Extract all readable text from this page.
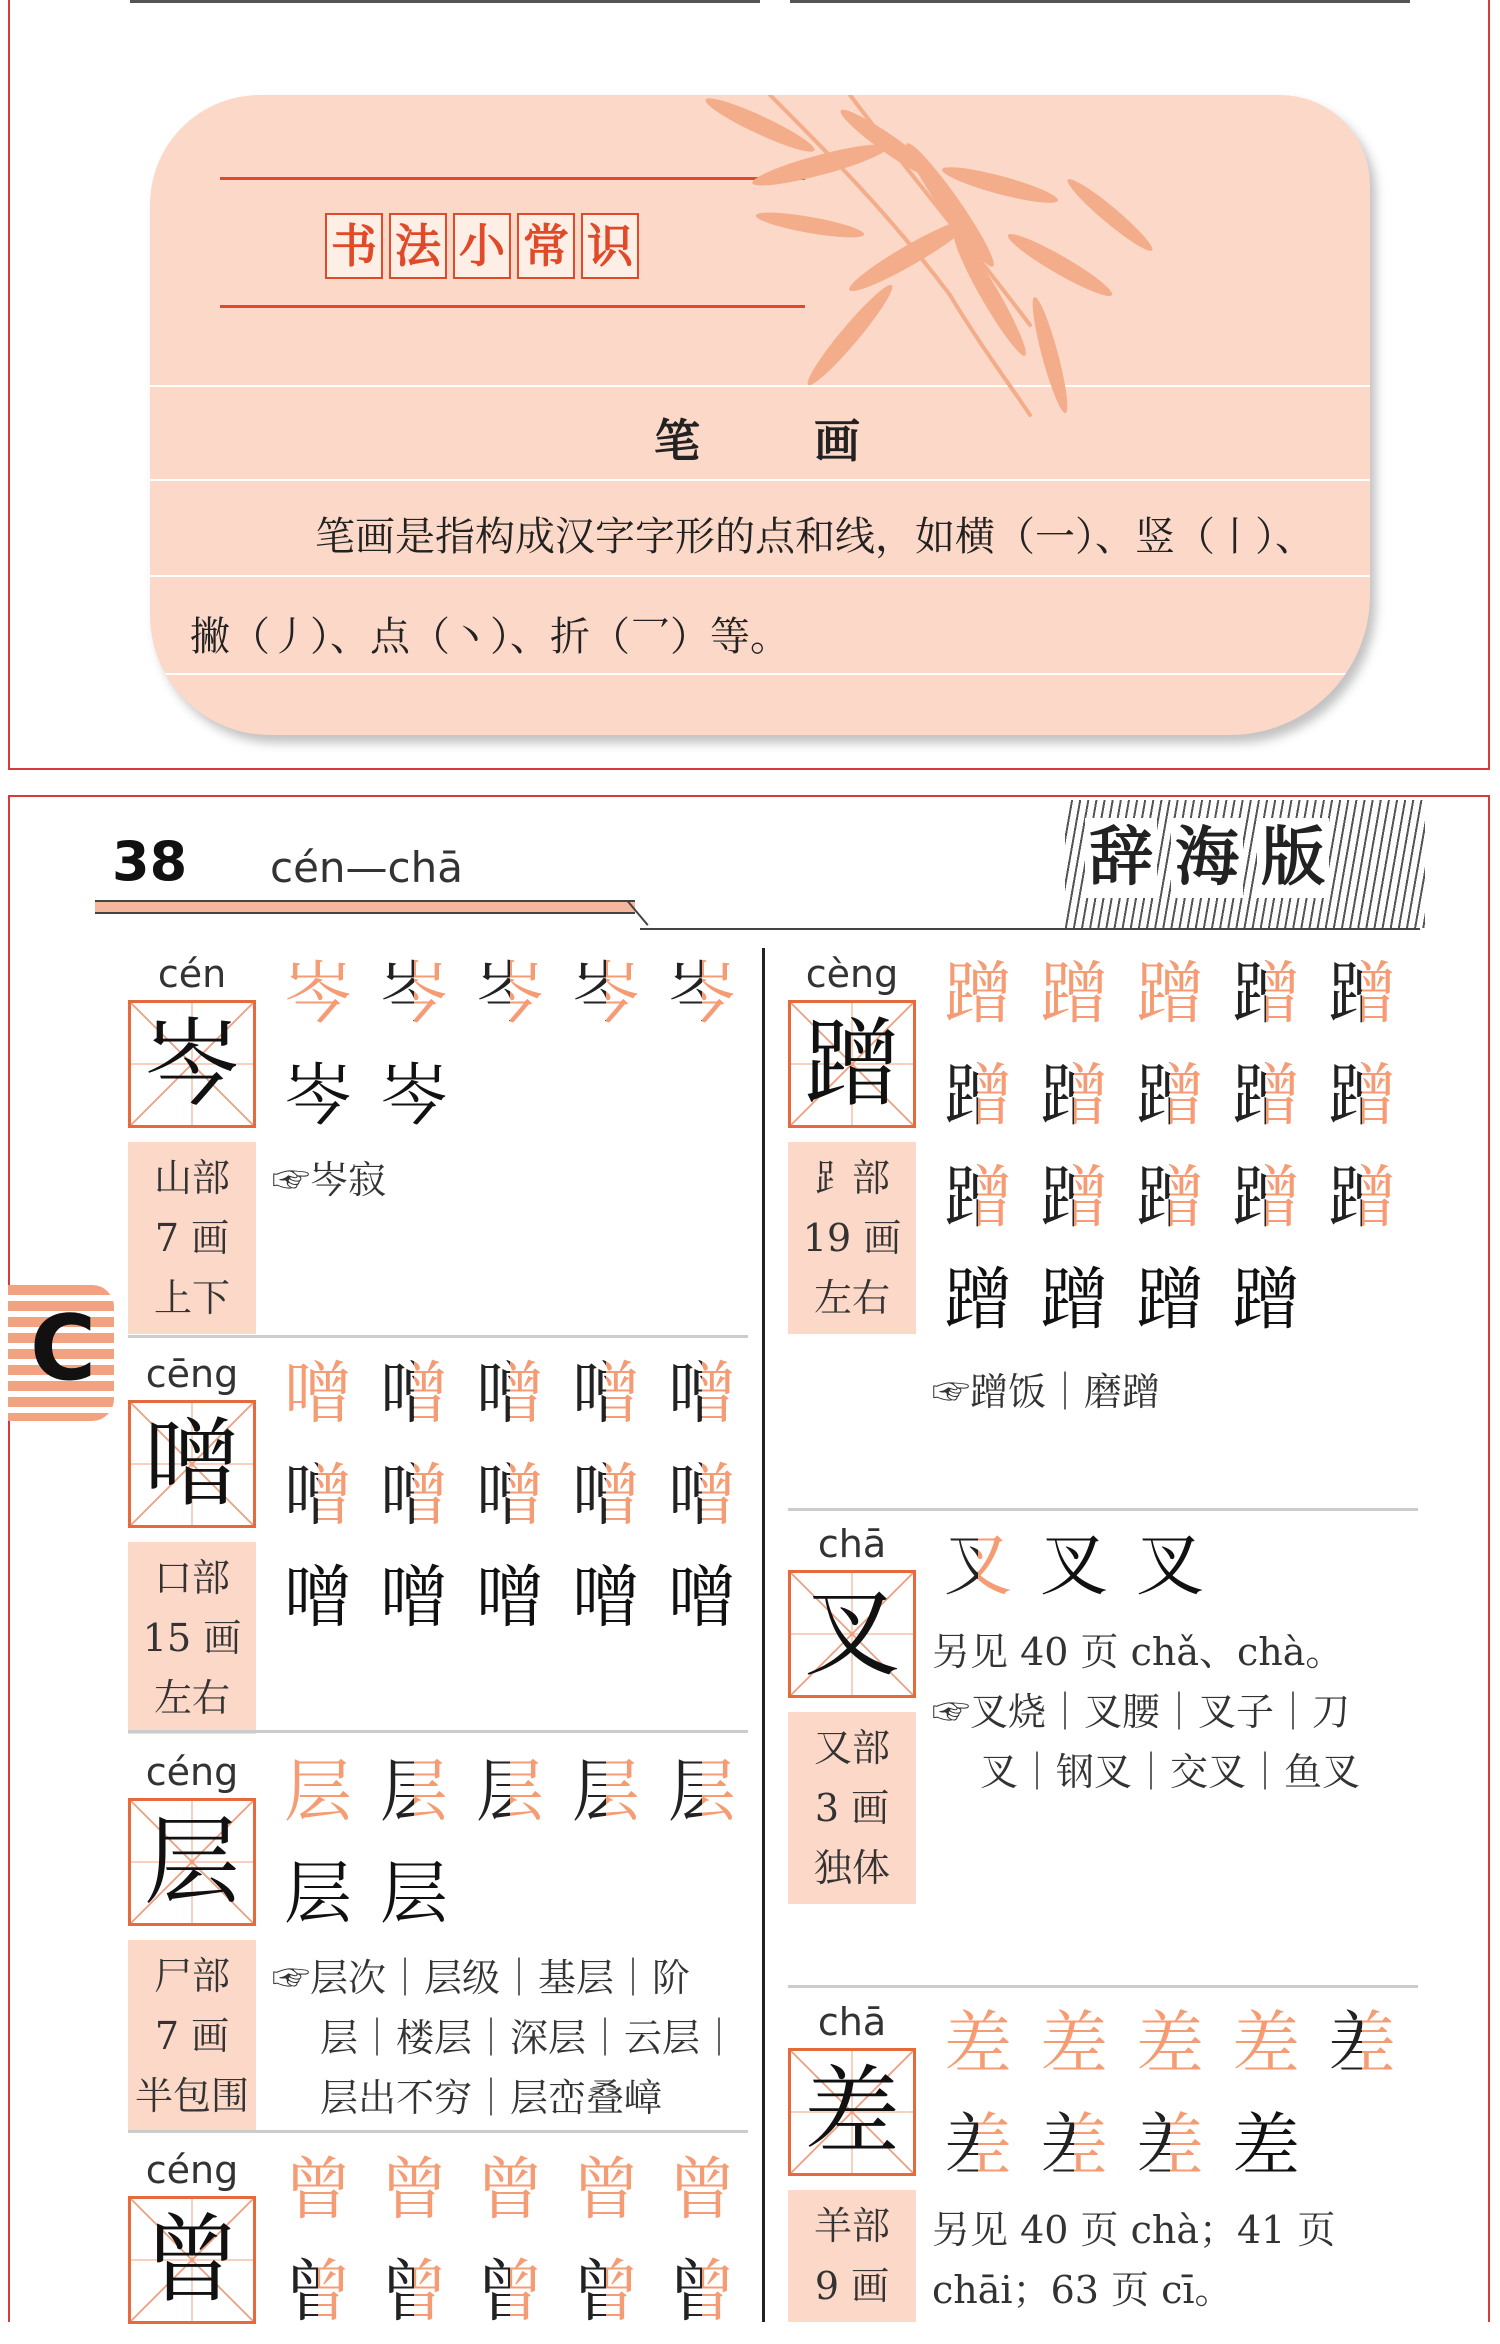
书 法 小 常 识
笔 画
笔画是指构成汉字字形的点和线，如横（一）、竖（丨）、
撇（丿）、点（丶）、折（乛）等。
38 cén—chā	辞 海 版
C
cén
岑
山部
7 画
上下
岑 岑 岑 岑 岑岑 岑
☞岑寂
cēng
噌
口部
15 画
左右
噌 噌 噌 噌 噌噌 噌 噌 噌 噌噌 噌 噌 噌 噌
céng
层
尸部
7 画
半包围
层 层 层 层 层层 层
☞层次｜层级｜基层｜阶
层｜楼层｜深层｜云层｜
层出不穷｜层峦叠嶂
céng
曾
曾 曾 曾 曾 曾曾 曾 曾 曾 曾
cèng
蹭
⻊部
19 画
左右
蹭 蹭 蹭 蹭 蹭蹭 蹭 蹭 蹭 蹭蹭 蹭 蹭 蹭 蹭蹭 蹭 蹭 蹭
☞蹭饭｜磨蹭
chā
叉
又部
3 画
独体
叉 叉 叉
另见 40 页 chǎ、chà。
☞叉烧｜叉腰｜叉子｜刀
叉｜钢叉｜交叉｜鱼叉
chā
差
羊部
9 画
差 差 差 差 差差 差 差 差
另见 40 页 chà；41 页
chāi；63 页 cī。
